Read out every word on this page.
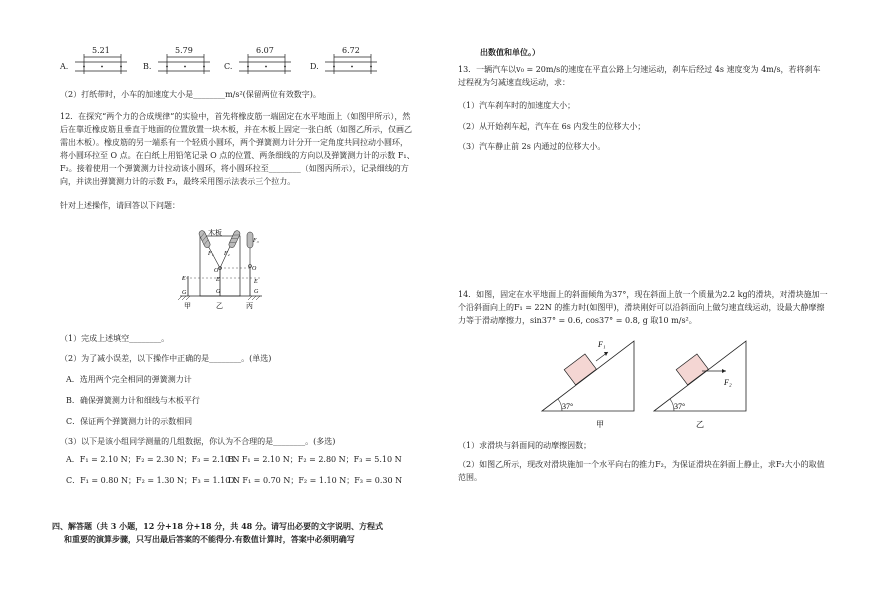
A.
5.21
B.
5.79
C.
6.07
D.
6.72
（2）打纸带时，小车的加速度大小是________m/s²(保留两位有效数字)。
12．在探究“两个力的合成规律”的实验中，首先将橡皮筋一端固定在水平地面上（如图甲所示），然后在靠近橡皮筋且垂直于地面的位置放置一块木板，并在木板上固定一张白纸（如图乙所示，仅画乙需出木板）。橡皮筋的另一端系有一个轻质小圆环，两个弹簧测力计分开一定角度共同拉动小圆环，将小圆环拉至 O 点。在白纸上用铅笔记录 O 点的位置、两条细线的方向以及弹簧测力计的示数 F₁、F₂。接着使用一个弹簧测力计拉动该小圆环，将小圆环拉至________（如图丙所示），记录细线的方向，并读出弹簧测力计的示数 F₃，最终采用图示法表示三个拉力。
针对上述操作，请回答以下问题：
木板
F₁ F₂
F₃
O	O
E	E	E
G	G	G
甲	乙	丙
（1）完成上述填空________。
（2）为了减小误差，以下操作中正确的是________。(单选)
A．选用两个完全相同的弹簧测力计
B．确保弹簧测力计和细线与木板平行
C．保证两个弹簧测力计的示数相同
（3）以下是该小组同学测量的几组数据，你认为不合理的是________。(多选)
A．F₁ = 2.10 N；F₂ = 2.30 N；F₃ = 2.10 N
B．F₁ = 2.10 N；F₂ = 2.80 N；F₃ = 5.10 N
C．F₁ = 0.80 N；F₂ = 1.30 N；F₃ = 1.10 N
D．F₁ = 0.70 N；F₂ = 1.10 N；F₃ = 0.30 N
四、解答题（共 3 小题，12 分+18 分+18 分，共 48 分。请写出必要的文字说明、方程式
和重要的演算步骤，只写出最后答案的不能得分.有数值计算时，答案中必须明确写
出数值和单位。）
13．一辆汽车以v₀ = 20m/s的速度在平直公路上匀速运动，刹车后经过 4s 速度变为 4m/s，若将刹车过程视为匀减速直线运动，求：
（1）汽车刹车时的加速度大小；
（2）从开始刹车起，汽车在 6s 内发生的位移大小；
（3）汽车静止前 2s 内通过的位移大小。
14．如图，固定在水平地面上的斜面倾角为37°，现在斜面上放一个质量为2.2 kg的滑块，对滑块施加一个沿斜面向上的F₁ = 22N 的推力时(如图甲)，滑块刚好可以沿斜面向上做匀速直线运动，设最大静摩擦力等于滑动摩擦力，sin37° = 0.6, cos37° = 0.8, g 取10 m/s²。
F₁
37°
甲
F₂
37°
乙
（1）求滑块与斜面间的动摩擦因数；
（2）如图乙所示，现改对滑块施加一个水平向右的推力F₂，为保证滑块在斜面上静止，求F₂大小的取值范围。
